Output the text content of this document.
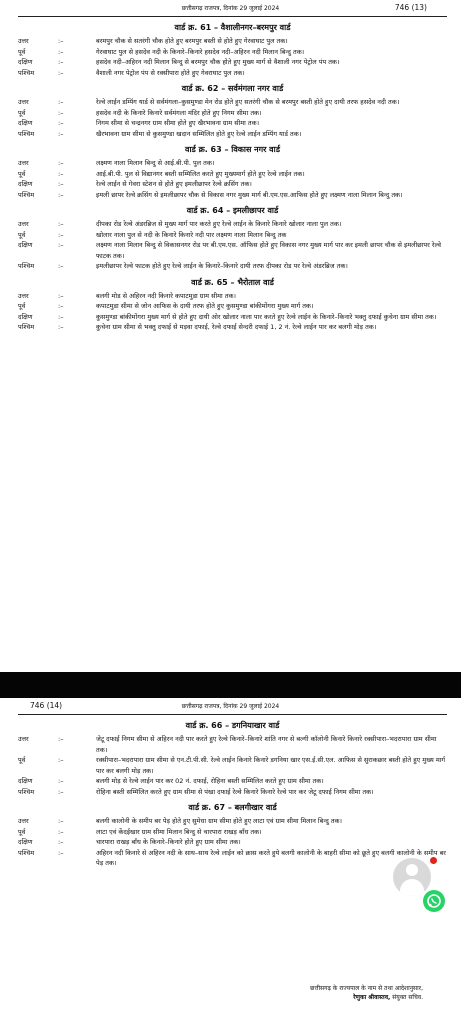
छत्तीसगढ़ राजपत्र, दिनांक 29 जुलाई 2024	746 (13)
वार्ड क्र. 61 – वैशालीनगर–बरमपुर वार्ड
उत्तर	:–	बरमपुर चौक से सतरंगी चौक होते हुए बरमपुर बस्ती से होते हुए गेरवाघाट पुल तक।
पूर्व	:–	गेरवाघाट पुल से हसदेव नदी के किनारे–किनारे हसदेव नदी–अहिरन नदी मिलान बिन्दु तक।
दक्षिण	:–	हसदेव नदी–अहिरन नदी मिलान बिन्दु से बरमपुर चौक होते हुए मुख्य मार्ग से वैशाली नगर पेट्रोल पंप तक।
पश्चिम	:–	वैशाली नगर पेट्रोल पंप से रक्सीपारा होते हुए गेवराघाट पुल तक।
वार्ड क्र. 62 – सर्वमंगला नगर वार्ड
उत्तर	:–	रेल्वे लाईन डम्पिंग यार्ड से सर्वमंगला–कुसमुण्डा मेन रोड होते हुए सतरंगी चौक से बरमपुर बस्ती होते हुए दायी तरफ हसदेव नदी तक।
पूर्व	:–	हसदेव नदी के किनारे किनारे सर्वमंगला मंदिर होते हुए निगम सीमा तक।
दक्षिण	:–	निगम सीमा से चन्द्रनगर ग्राम सीमा होते हुए खैरभावना ग्राम सीमा तक।
पश्चिम	:–	खैरभावना ग्राम सीमा से कुसमुण्डा खदान सम्मिलित होते हुए रेल्वे लाईन डम्पिंग यार्ड तक।
वार्ड क्र. 63 – विकास नगर वार्ड
उत्तर	:–	लक्ष्मण नाला मिलान बिन्दु से आई.बी.पी. पुल तक।
पूर्व	:–	आई.बी.पी. पुल से विद्यानगर बस्ती सम्मिलित करते हुए मुख्यमार्ग होते हुए रेल्वे लाईन तक।
दक्षिण	:–	रेल्वे लाईन से गेवरा स्टेशन से होते हुए इमलीछापर रेल्वे क्रसिंग तक।
पश्चिम	:–	इमली छापर रेल्वे क्रसिंग से इमलीछापर चौक से विकास नगर मुख्य मार्ग बी.एम.एस.आफिस होते हुए लक्ष्मण नाला मिलान बिन्दु तक।
वार्ड क्र. 64 – इमलीछापर वार्ड
उत्तर	:–	दीपका रोड रेल्वे अंडरब्रिज से मुख्य मार्ग पार करते हुए रेल्वे लाईन के किनारे किनारे खोलार नाला पुल तक।
पूर्व	:–	खोलार नाला पुल से नदी के किनारे किनारे नदी पार लक्ष्मण नाला मिलान बिन्दु तक
दक्षिण	:–	लक्ष्मण नाला मिलान बिन्दु से विकासनगर रोड पर बी.एम.एस. ऑफिस होते हुए विकास नगर मुख्य मार्ग पार कर इमली छापर चौक से इमलीछापर रेल्वे फाटक तक।
पश्चिम	:–	इमलीछापर रेल्वे फाटक होते हुए रेल्वे लाईन के किनारे–किनारे दायी तरफ दीपका रोड पर रेल्वे अंडरब्रिज तक।
वार्ड क्र. 65 – भैरोताल वार्ड
उत्तर	:–	बलगी मोड से अहिरन नदी किनारे कपाटमुडा ग्राम सीमा तक।
पूर्व	:–	कपाटमुडा सीमा से जोन आफिस के दायी तरफ होते हुए कुसमुण्डा बांकीमोंगरा मुख्य मार्ग तक।
दक्षिण	:–	कुसमुण्डा बांकीमोंगरा मुख्य मार्ग से होते हुए दायी ओर खोलार नाला पार करते हुए रेल्वे लाईन के किनारे–किनारे भक्तु दफाई कुचेना ग्राम सीमा तक।
पश्चिम	:–	कुचेना ग्राम सीमा से भक्तु दफाई से मड़वा दफाई, रेल्वे दफाई सेन्दरी दफाई 1, 2 नं. रेल्वे लाईन पार कर बलगी मोड़ तक।
746 (14)	छत्तीसगढ़ राजपत्र, दिनांक 29 जुलाई 2024
वार्ड क्र. 66 – डगनियाखार वार्ड
उत्तर	:–	जेटू दफाई निगम सीमा से अहिरन नदी पार करते हुए रेल्वे किनारे–किनारे शांति नगर से बल्गी कॉलोनी किनारे किनारे रक्सीपारा–भदरापारा ग्राम सीमा तक।
पूर्व	:–	रक्सीपारा–भदरापारा ग्राम सीमा से एन.टी.पी.सी. रेल्वे लाईन किनारे किनारे डगनिया खार एस.ई.सी.एल. आफिस से सुराकछार बस्ती होते हुए मुख्य मार्ग पार कर बलगी मोड़ तक।
दक्षिण	:–	बलगी मोड़ से रेल्वे लाईन पार कर 02 नं. दफाई, रोहिना बस्ती सम्मिलित करते हुए ग्राम सीमा तक।
पश्चिम	:–	रोहिना बस्ती सम्मिलित करते हुए ग्राम सीमा से पंखा दफाई रेल्वे किनारे किनारे रेल्वे पार कर जेटू दफाई निगम सीमा तक।
वार्ड क्र. 67 – बलगीखार वार्ड
उत्तर	:–	बलगी कालोनी के समीप बर पेड़ होते हुए सुमेधा ग्राम सीमा होते हुए लाटा एवं ग्राम सीमा मिलान बिन्दु तक।
पूर्व	:–	लाटा एवं केंदईखार ग्राम सीमा मिलान बिन्दु से चारपारा राखड़ बाँध तक।
दक्षिण	:–	चारपारा राखड़ बाँध के किनारे–किनारे होते हुए ग्राम सीमा तक।
पश्चिम	:–	अहिरन नदी किनारे से अहिरन नदी के साथ–साथ रेल्वे लाईन को क्रास करते हुये बलगी कालोनी के बाहरी सीमा को छूते हुए बलगी कालोनी के समीप बर पेड़ तक।
छत्तीसगढ़ के राज्यपाल के नाम से तथा आदेशानुसार,
रेणुका श्रीवास्तव, संयुक्त सचिव.
